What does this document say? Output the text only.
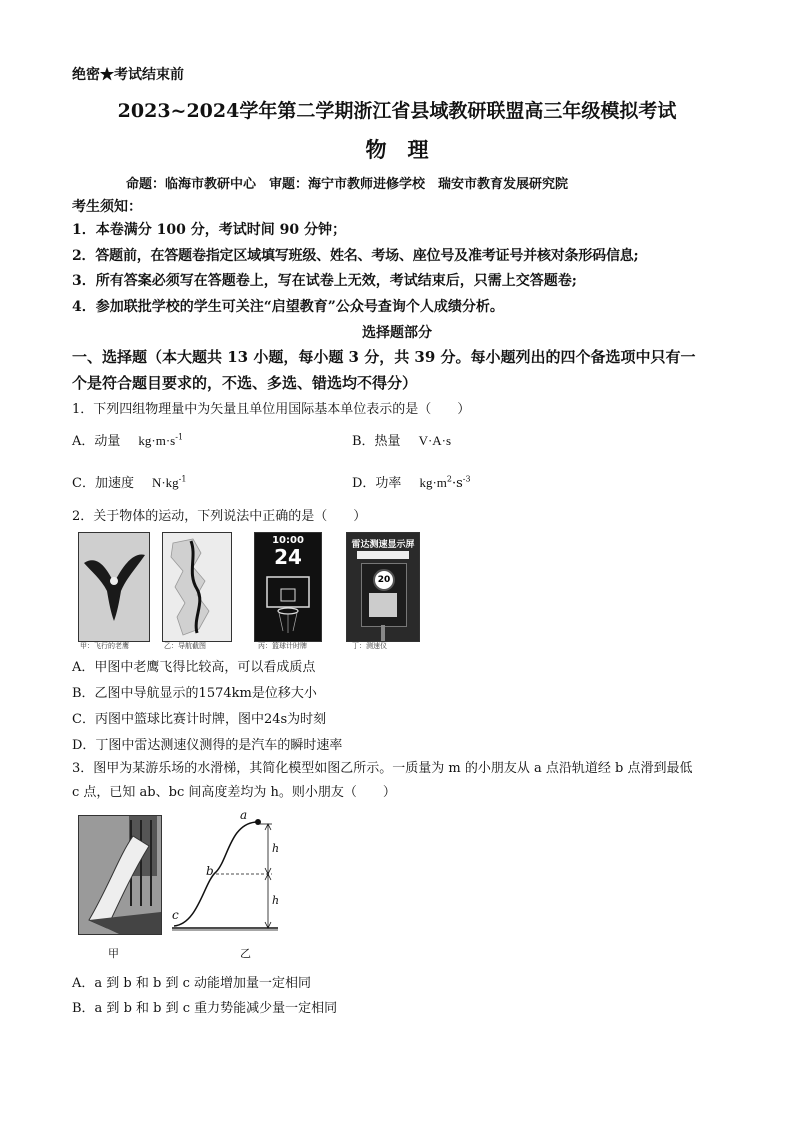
绝密★考试结束前
2023~2024学年第二学期浙江省县域教研联盟高三年级模拟考试
物　理
命题：临海市教研中心　审题：海宁市教师进修学校　瑞安市教育发展研究院
考生须知：
1．本卷满分 100 分，考试时间 90 分钟；
2．答题前，在答题卷指定区域填写班级、姓名、考场、座位号及准考证号并核对条形码信息;
3．所有答案必须写在答题卷上，写在试卷上无效，考试结束后，只需上交答题卷;
4．参加联批学校的学生可关注“启望教育”公众号查询个人成绩分析。
选择题部分
一、选择题（本大题共 13 小题，每小题 3 分，共 39 分。每小题列出的四个备选项中只有一
个是符合题目要求的，不选、多选、错选均不得分）
1．下列四组物理量中为矢量且单位用国际基本单位表示的是（　　）
A．动量 $kg\cdot m\cdot s^{-1}$	B．热量 V·A·s
C．加速度 $N\cdot kg^{-1}$	D．功率 $kg\cdot m^2\cdot s^{-3}$
2．关于物体的运动，下列说法中正确的是（　　）
甲：飞行的老鹰	乙：导航截图
10:00
24
丙：篮球计时牌
雷达测速显示屏
20
丁：测速仪
A．甲图中老鹰飞得比较高，可以看成质点
B．乙图中导航显示的1574km是位移大小
C．丙图中篮球比赛计时牌，图中24s为时刻
D．丁图中雷达测速仪测得的是汽车的瞬时速率
3．图甲为某游乐场的水滑梯，其简化模型如图乙所示。一质量为 m 的小朋友从 a 点沿轨道经 b 点滑到最低
c 点，已知 ab、bc 间高度差均为 h。则小朋友（　　）
甲
a
b
c
h
h
乙
A．a 到 b 和 b 到 c 动能增加量一定相同
B．a 到 b 和 b 到 c 重力势能减少量一定相同
